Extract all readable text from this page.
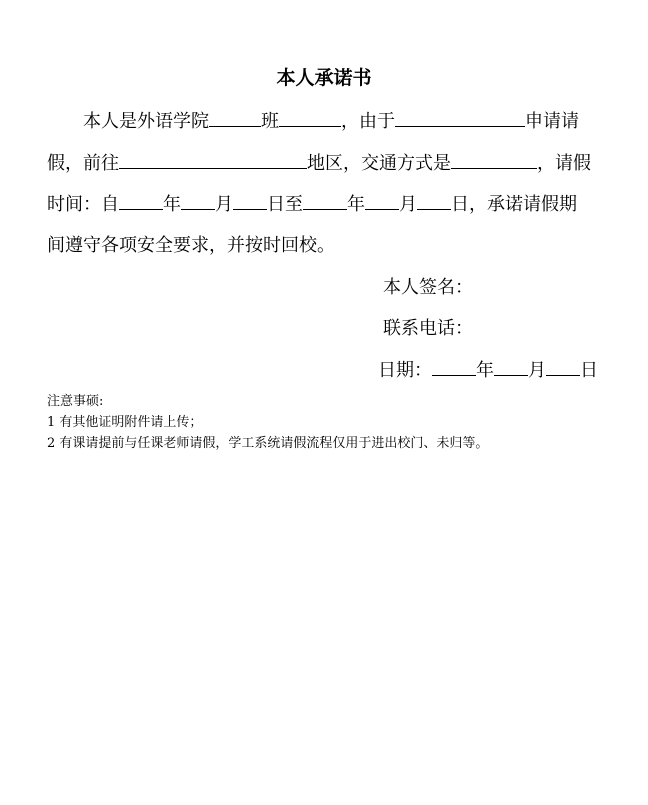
本人承诺书
本人是外语学院	班	，由于	申请请
假，前往	地区，交通方式是	，请假
时间：自 年 月 日至 年 月 日，承诺请假期
间遵守各项安全要求，并按时回校。
本人签名：
联系电话：
日期： 年 月 日
注意事硕:
1 有其他证明附件请上传；
2 有课请提前与任课老师请假，学工系统请假流程仅用于进出校门、未归等。
